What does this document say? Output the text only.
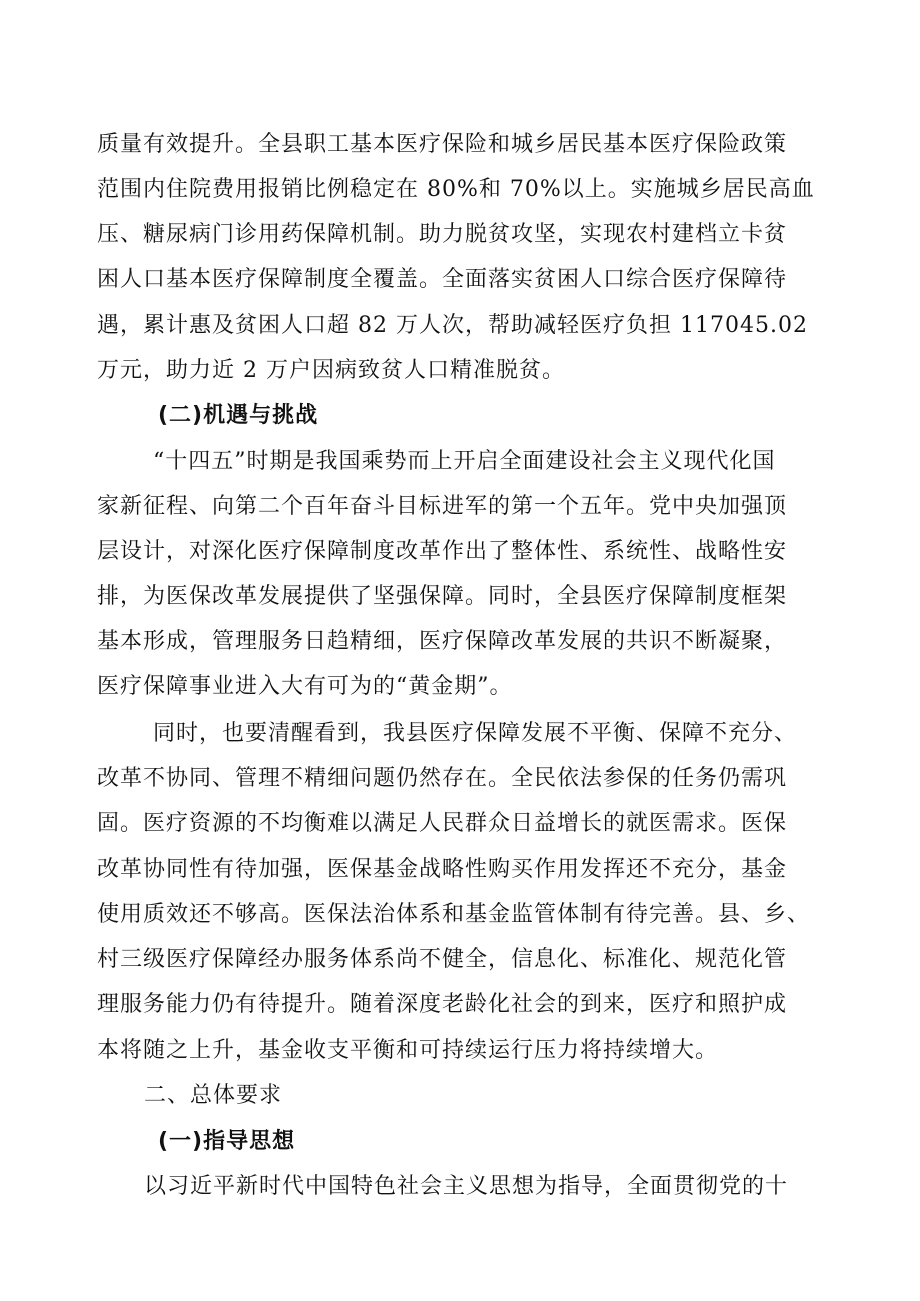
质量有效提升。全县职工基本医疗保险和城乡居民基本医疗保险政策
范围内住院费用报销比例稳定在 80%和 70%以上。实施城乡居民高血
压、糖尿病门诊用药保障机制。助力脱贫攻坚，实现农村建档立卡贫
困人口基本医疗保障制度全覆盖。全面落实贫困人口综合医疗保障待
遇，累计惠及贫困人口超 82 万人次，帮助减轻医疗负担 117045.02
万元，助力近 2 万户因病致贫人口精准脱贫。
(二)机遇与挑战
“十四五”时期是我国乘势而上开启全面建设社会主义现代化国
家新征程、向第二个百年奋斗目标进军的第一个五年。党中央加强顶
层设计，对深化医疗保障制度改革作出了整体性、系统性、战略性安
排，为医保改革发展提供了坚强保障。同时，全县医疗保障制度框架
基本形成，管理服务日趋精细，医疗保障改革发展的共识不断凝聚，
医疗保障事业进入大有可为的“黄金期”。
同时，也要清醒看到，我县医疗保障发展不平衡、保障不充分、
改革不协同、管理不精细问题仍然存在。全民依法参保的任务仍需巩
固。医疗资源的不均衡难以满足人民群众日益增长的就医需求。医保
改革协同性有待加强，医保基金战略性购买作用发挥还不充分，基金
使用质效还不够高。医保法治体系和基金监管体制有待完善。县、乡、
村三级医疗保障经办服务体系尚不健全，信息化、标准化、规范化管
理服务能力仍有待提升。随着深度老龄化社会的到来，医疗和照护成
本将随之上升，基金收支平衡和可持续运行压力将持续增大。
二、总体要求
(一)指导思想
以习近平新时代中国特色社会主义思想为指导，全面贯彻党的十
